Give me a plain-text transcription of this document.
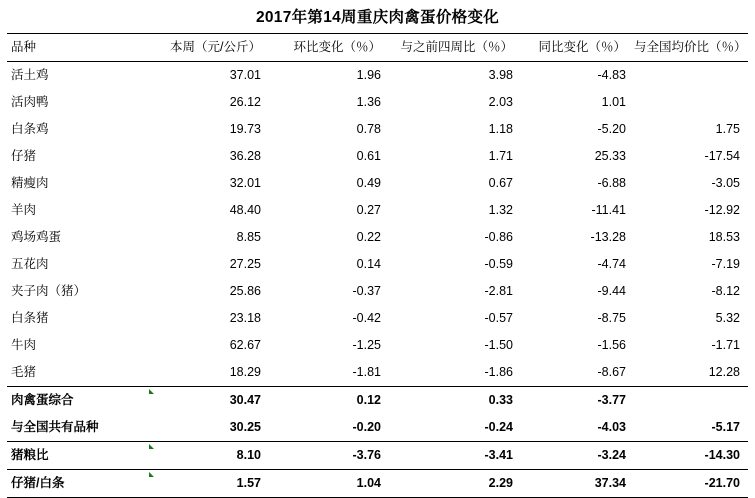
2017年第14周重庆肉禽蛋价格变化
品种	本周（元/公斤）	环比变化（％）	与之前四周比（％）	同比变化（％）	与全国均价比（％）
活土鸡	37.01	1.96	3.98	-4.83	
活肉鸭	26.12	1.36	2.03	1.01	
白条鸡	19.73	0.78	1.18	-5.20	1.75
仔猪	36.28	0.61	1.71	25.33	-17.54
精瘦肉	32.01	0.49	0.67	-6.88	-3.05
羊肉	48.40	0.27	1.32	-11.41	-12.92
鸡场鸡蛋	8.85	0.22	-0.86	-13.28	18.53
五花肉	27.25	0.14	-0.59	-4.74	-7.19
夹子肉（猪）	25.86	-0.37	-2.81	-9.44	-8.12
白条猪	23.18	-0.42	-0.57	-8.75	5.32
牛肉	62.67	-1.25	-1.50	-1.56	-1.71
毛猪	18.29	-1.81	-1.86	-8.67	12.28
肉禽蛋综合	30.47	0.12	0.33	-3.77	
与全国共有品种	30.25	-0.20	-0.24	-4.03	-5.17
猪粮比	8.10	-3.76	-3.41	-3.24	-14.30
仔猪/白条	1.57	1.04	2.29	37.34	-21.70
